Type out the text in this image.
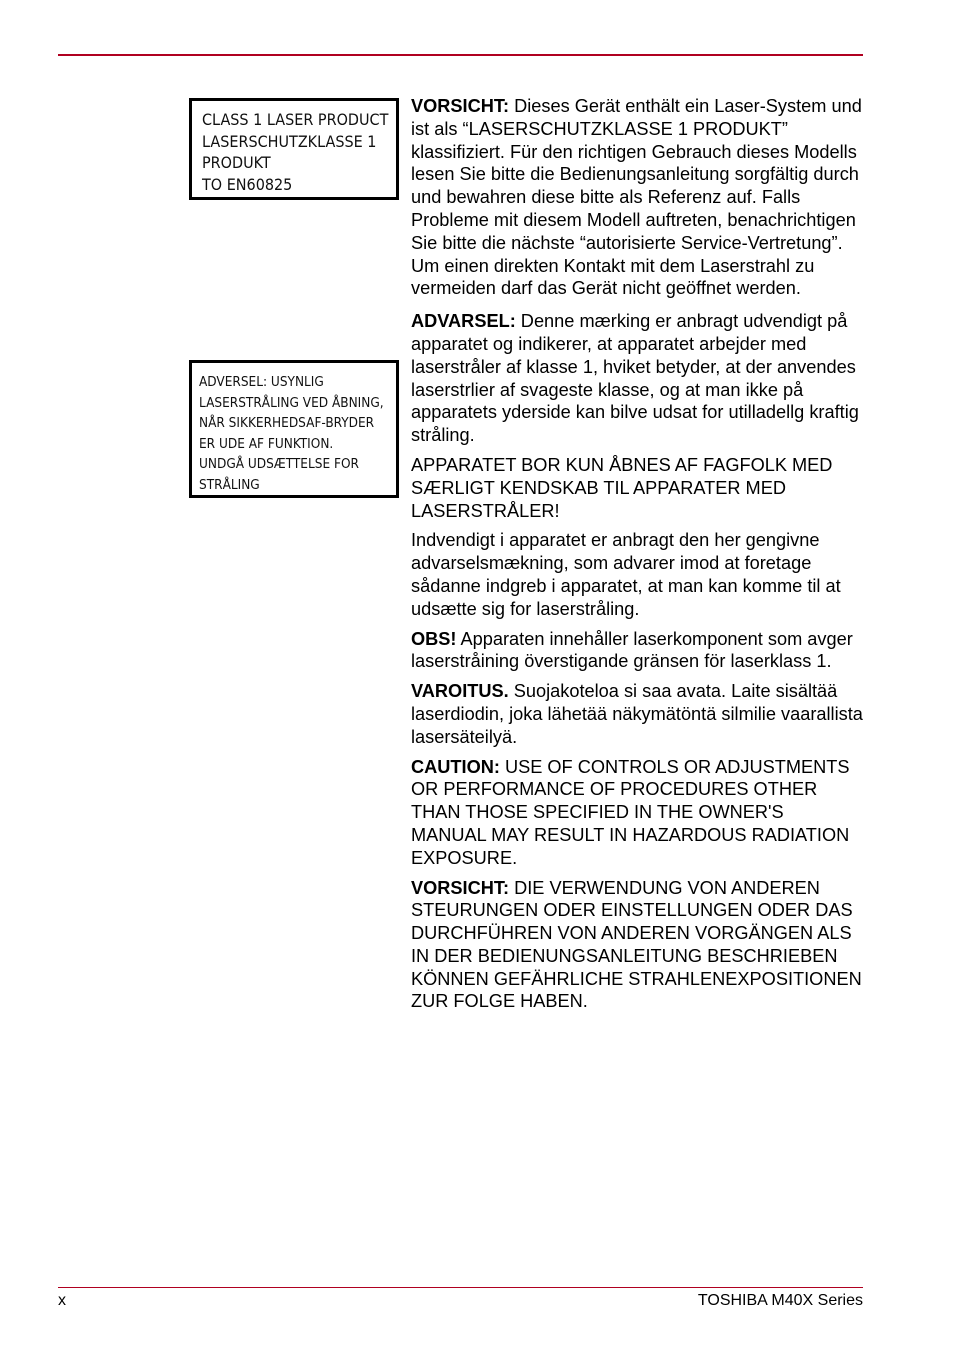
CLASS 1 LASER PRODUCT
LASERSCHUTZKLASSE 1
PRODUKT
TO EN60825
ADVERSEL: USYNLIG
LASERSTRÅLING VED ÅBNING,
NÅR SIKKERHEDSAF-BRYDER
ER UDE AF FUNKTION.
UNDGÅ UDSÆTTELSE FOR
STRÅLING

VORSICHT: Dieses Gerät enthält ein Laser-System und ist als “LASERSCHUTZKLASSE 1 PRODUKT” klassifiziert. Für den richtigen Gebrauch dieses Modells lesen Sie bitte die Bedienungsanleitung sorgfältig durch und bewahren diese bitte als Referenz auf. Falls Probleme mit diesem Modell auftreten, benachrichtigen Sie bitte die nächste “autorisierte Service-Vertretung”. Um einen direkten Kontakt mit dem Laserstrahl zu vermeiden darf das Gerät nicht geöffnet werden.

ADVARSEL: Denne mærking er anbragt udvendigt på apparatet og indikerer, at apparatet arbejder med laserstråler af klasse 1, hviket betyder, at der anvendes laserstrlier af svageste klasse, og at man ikke på apparatets yderside kan bilve udsat for utilladellg kraftig stråling.

APPARATET BOR KUN ÅBNES AF FAGFOLK MED SÆRLIGT KENDSKAB TIL APPARATER MED LASERSTRÅLER!

Indvendigt i apparatet er anbragt den her gengivne advarselsmækning, som advarer imod at foretage sådanne indgreb i apparatet, at man kan komme til at udsætte sig for laserstråling.

OBS! Apparaten innehåller laserkomponent som avger laserstråining överstigande gränsen för laserklass 1.

VAROITUS. Suojakoteloa si saa avata. Laite sisältää laserdiodin, joka lähetää näkymätöntä silmilie vaarallista lasersäteilyä.

CAUTION: USE OF CONTROLS OR ADJUSTMENTS OR PERFORMANCE OF PROCEDURES OTHER THAN THOSE SPECIFIED IN THE OWNER'S MANUAL MAY RESULT IN HAZARDOUS RADIATION EXPOSURE.

VORSICHT: DIE VERWENDUNG VON ANDEREN STEURUNGEN ODER EINSTELLUNGEN ODER DAS DURCHFÜHREN VON ANDEREN VORGÄNGEN ALS IN DER BEDIENUNGSANLEITUNG BESCHRIEBEN KÖNNEN GEFÄHRLICHE STRAHLENEXPOSITIONEN ZUR FOLGE HABEN.

x	TOSHIBA M40X Series
